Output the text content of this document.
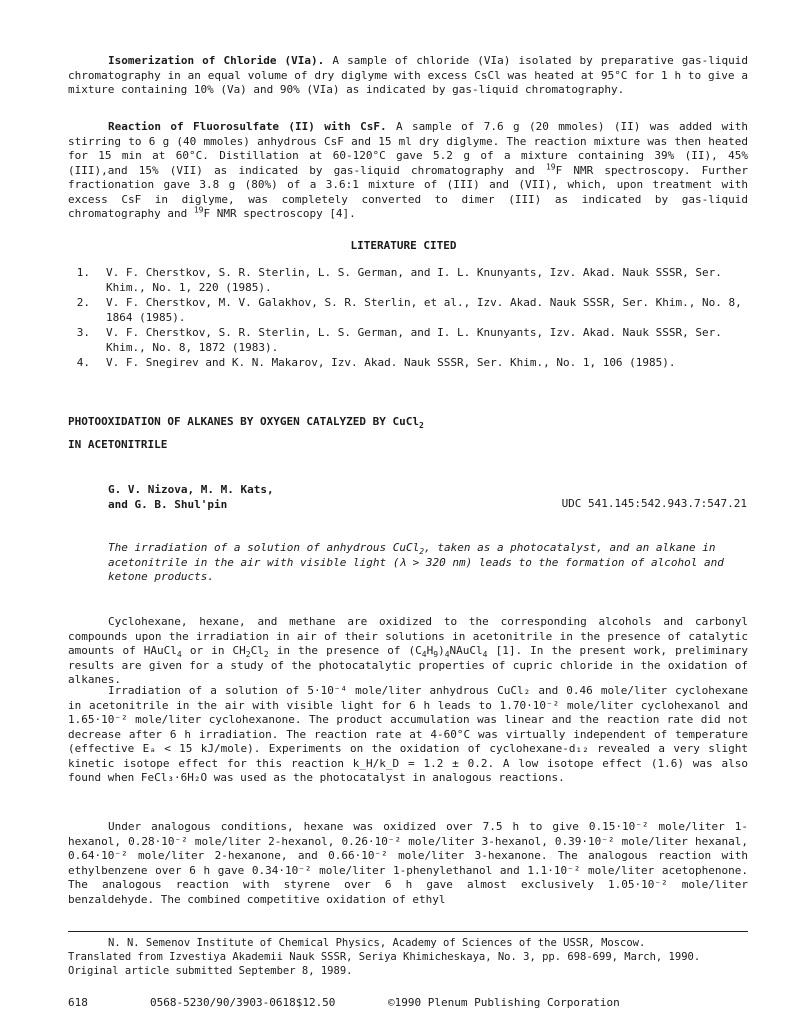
Isomerization of Chloride (VIa). A sample of chloride (VIa) isolated by preparative gas-liquid chromatography in an equal volume of dry diglyme with excess CsCl was heated at 95°C for 1 h to give a mixture containing 10% (Va) and 90% (VIa) as indicated by gas-liquid chromatography.

Reaction of Fluorosulfate (II) with CsF. A sample of 7.6 g (20 mmoles) (II) was added with stirring to 6 g (40 mmoles) anhydrous CsF and 15 ml dry diglyme. The reaction mixture was then heated for 15 min at 60°C. Distillation at 60-120°C gave 5.2 g of a mixture containing 39% (II), 45% (III),and 15% (VII) as indicated by gas-liquid chromatography and $^{19}$F NMR spectroscopy. Further fractionation gave 3.8 g (80%) of a 3.6:1 mixture of (III) and (VII), which, upon treatment with excess CsF in diglyme, was completely converted to dimer (III) as indicated by gas-liquid chromatography and $^{19}$F NMR spectroscopy [4].

LITERATURE CITED
1. V. F. Cherstkov, S. R. Sterlin, L. S. German, and I. L. Knunyants, Izv. Akad. Nauk SSSR, Ser. Khim., No. 1, 220 (1985).
2. V. F. Cherstkov, M. V. Galakhov, S. R. Sterlin, et al., Izv. Akad. Nauk SSSR, Ser. Khim., No. 8, 1864 (1985).
3. V. F. Cherstkov, S. R. Sterlin, L. S. German, and I. L. Knunyants, Izv. Akad. Nauk SSSR, Ser. Khim., No. 8, 1872 (1983).
4. V. F. Snegirev and K. N. Makarov, Izv. Akad. Nauk SSSR, Ser. Khim., No. 1, 106 (1985).
PHOTOOXIDATION OF ALKANES BY OXYGEN CATALYZED BY CuCl$_2$
IN ACETONITRILE
G. V. Nizova, M. M. Kats,
and G. B. Shul'pin	UDC 541.145:542.943.7:547.21
The irradiation of a solution of anhydrous CuCl$_2$, taken as a photocatalyst, and an alkane in acetonitrile in the air with visible light (λ > 320 nm) leads to the formation of alcohol and ketone products.

Cyclohexane, hexane, and methane are oxidized to the corresponding alcohols and carbonyl compounds upon the irradiation in air of their solutions in acetonitrile in the presence of catalytic amounts of HAuCl$_4$ or in $CH_2Cl_2$ in the presence of $(C_4H_9)_4NAuCl_4$ [1]. In the present work, preliminary results are given for a study of the photocatalytic properties of cupric chloride in the oxidation of alkanes.

Irradiation of a solution of 5·10⁻⁴ mole/liter anhydrous CuCl₂ and 0.46 mole/liter cyclohexane in acetonitrile in the air with visible light for 6 h leads to 1.70·10⁻² mole/liter cyclohexanol and 1.65·10⁻² mole/liter cyclohexanone. The product accumulation was linear and the reaction rate did not decrease after 6 h irradiation. The reaction rate at 4-60°C was virtually independent of temperature (effective Eₐ < 15 kJ/mole). Experiments on the oxidation of cyclohexane-d₁₂ revealed a very slight kinetic isotope effect for this reaction k_H/k_D = 1.2 ± 0.2. A low isotope effect (1.6) was also found when FeCl₃·6H₂O was used as the photocatalyst in analogous reactions.

Under analogous conditions, hexane was oxidized over 7.5 h to give 0.15·10⁻² mole/liter 1-hexanol, 0.28·10⁻² mole/liter 2-hexanol, 0.26·10⁻² mole/liter 3-hexanol, 0.39·10⁻² mole/liter hexanal, 0.64·10⁻² mole/liter 2-hexanone, and 0.66·10⁻² mole/liter 3-hexanone. The analogous reaction with ethylbenzene over 6 h gave 0.34·10⁻² mole/liter 1-phenylethanol and 1.1·10⁻² mole/liter acetophenone. The analogous reaction with styrene over 6 h gave almost exclusively 1.05·10⁻² mole/liter benzaldehyde. The combined competitive oxidation of ethyl

N. N. Semenov Institute of Chemical Physics, Academy of Sciences of the USSR, Moscow.
Translated from Izvestiya Akademii Nauk SSSR, Seriya Khimicheskaya, No. 3, pp. 698-699, March, 1990. Original article submitted September 8, 1989.
618	0568-5230/90/3903-0618$12.50	©1990 Plenum Publishing Corporation
